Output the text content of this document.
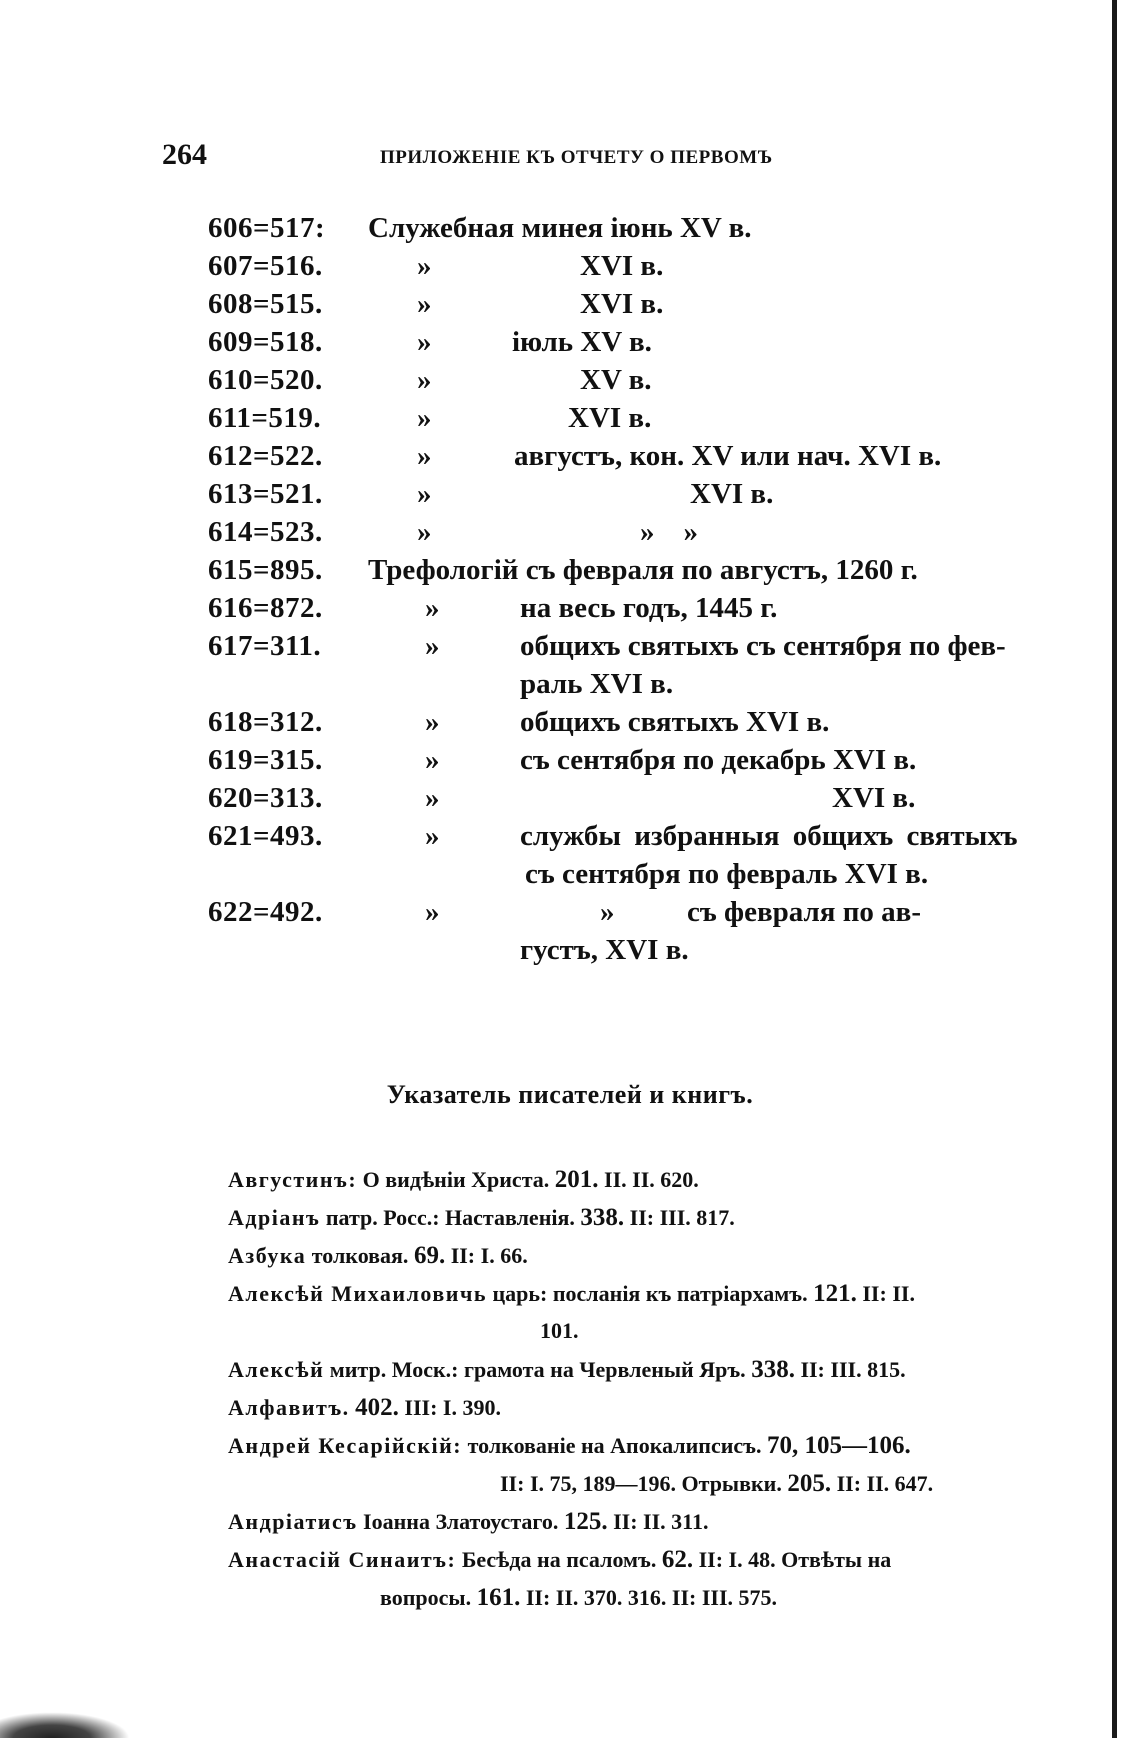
264	ПРИЛОЖЕНІЕ КЪ ОТЧЕТУ О ПЕРВОМЪ
606=517: Служебная минея іюнь XV в.
607=516.	»	XVI в.
608=515.	»	XVI в.
609=518.	»	іюль XV в.
610=520.	»	XV в.
611=519.	»	XVI в.
612=522.	»	августъ, кон. XV или нач. XVI в.
613=521.	»	XVI в.
614=523.	»	»    »
615=895. Трефологій съ февраля по августъ, 1260 г.
616=872.	»	на весь годъ, 1445 г.
617=311.	»	общихъ святыхъ съ сентября по фев-
раль XVI в.
618=312.	»	общихъ святыхъ XVI в.
619=315.	»	съ сентября по декабрь XVI в.
620=313.	»	XVI в.
621=493.	»	службы избранныя общихъ святыхъ
съ сентября по февраль XVI в.
622=492.	»	»          съ февраля по ав-
густъ, XVI в.
Указатель писателей и книгъ.
Августинъ: О видѣніи Христа. 201. II. II. 620.
Адріанъ патр. Росс.: Наставленія. 338. II: III. 817.
Азбука толковая. 69. II: I. 66.
Алексѣй Михаиловичь царь: посланія къ патріархамъ. 121. II: II.
101.
Алексѣй митр. Моск.: грамота на Червленый Яръ. 338. II: III. 815.
Алфавитъ. 402. III: I. 390.
Андрей Кесарійскій: толкованіе на Апокалипсисъ. 70, 105—106.
II: I. 75, 189—196. Отрывки. 205. II: II. 647.
Андріатисъ Іоанна Златоустаго. 125. II: II. 311.
Анастасій Синаитъ: Бесѣда на псаломъ. 62. II: I. 48. Отвѣты на
вопросы. 161. II: II. 370. 316. II: III. 575.
